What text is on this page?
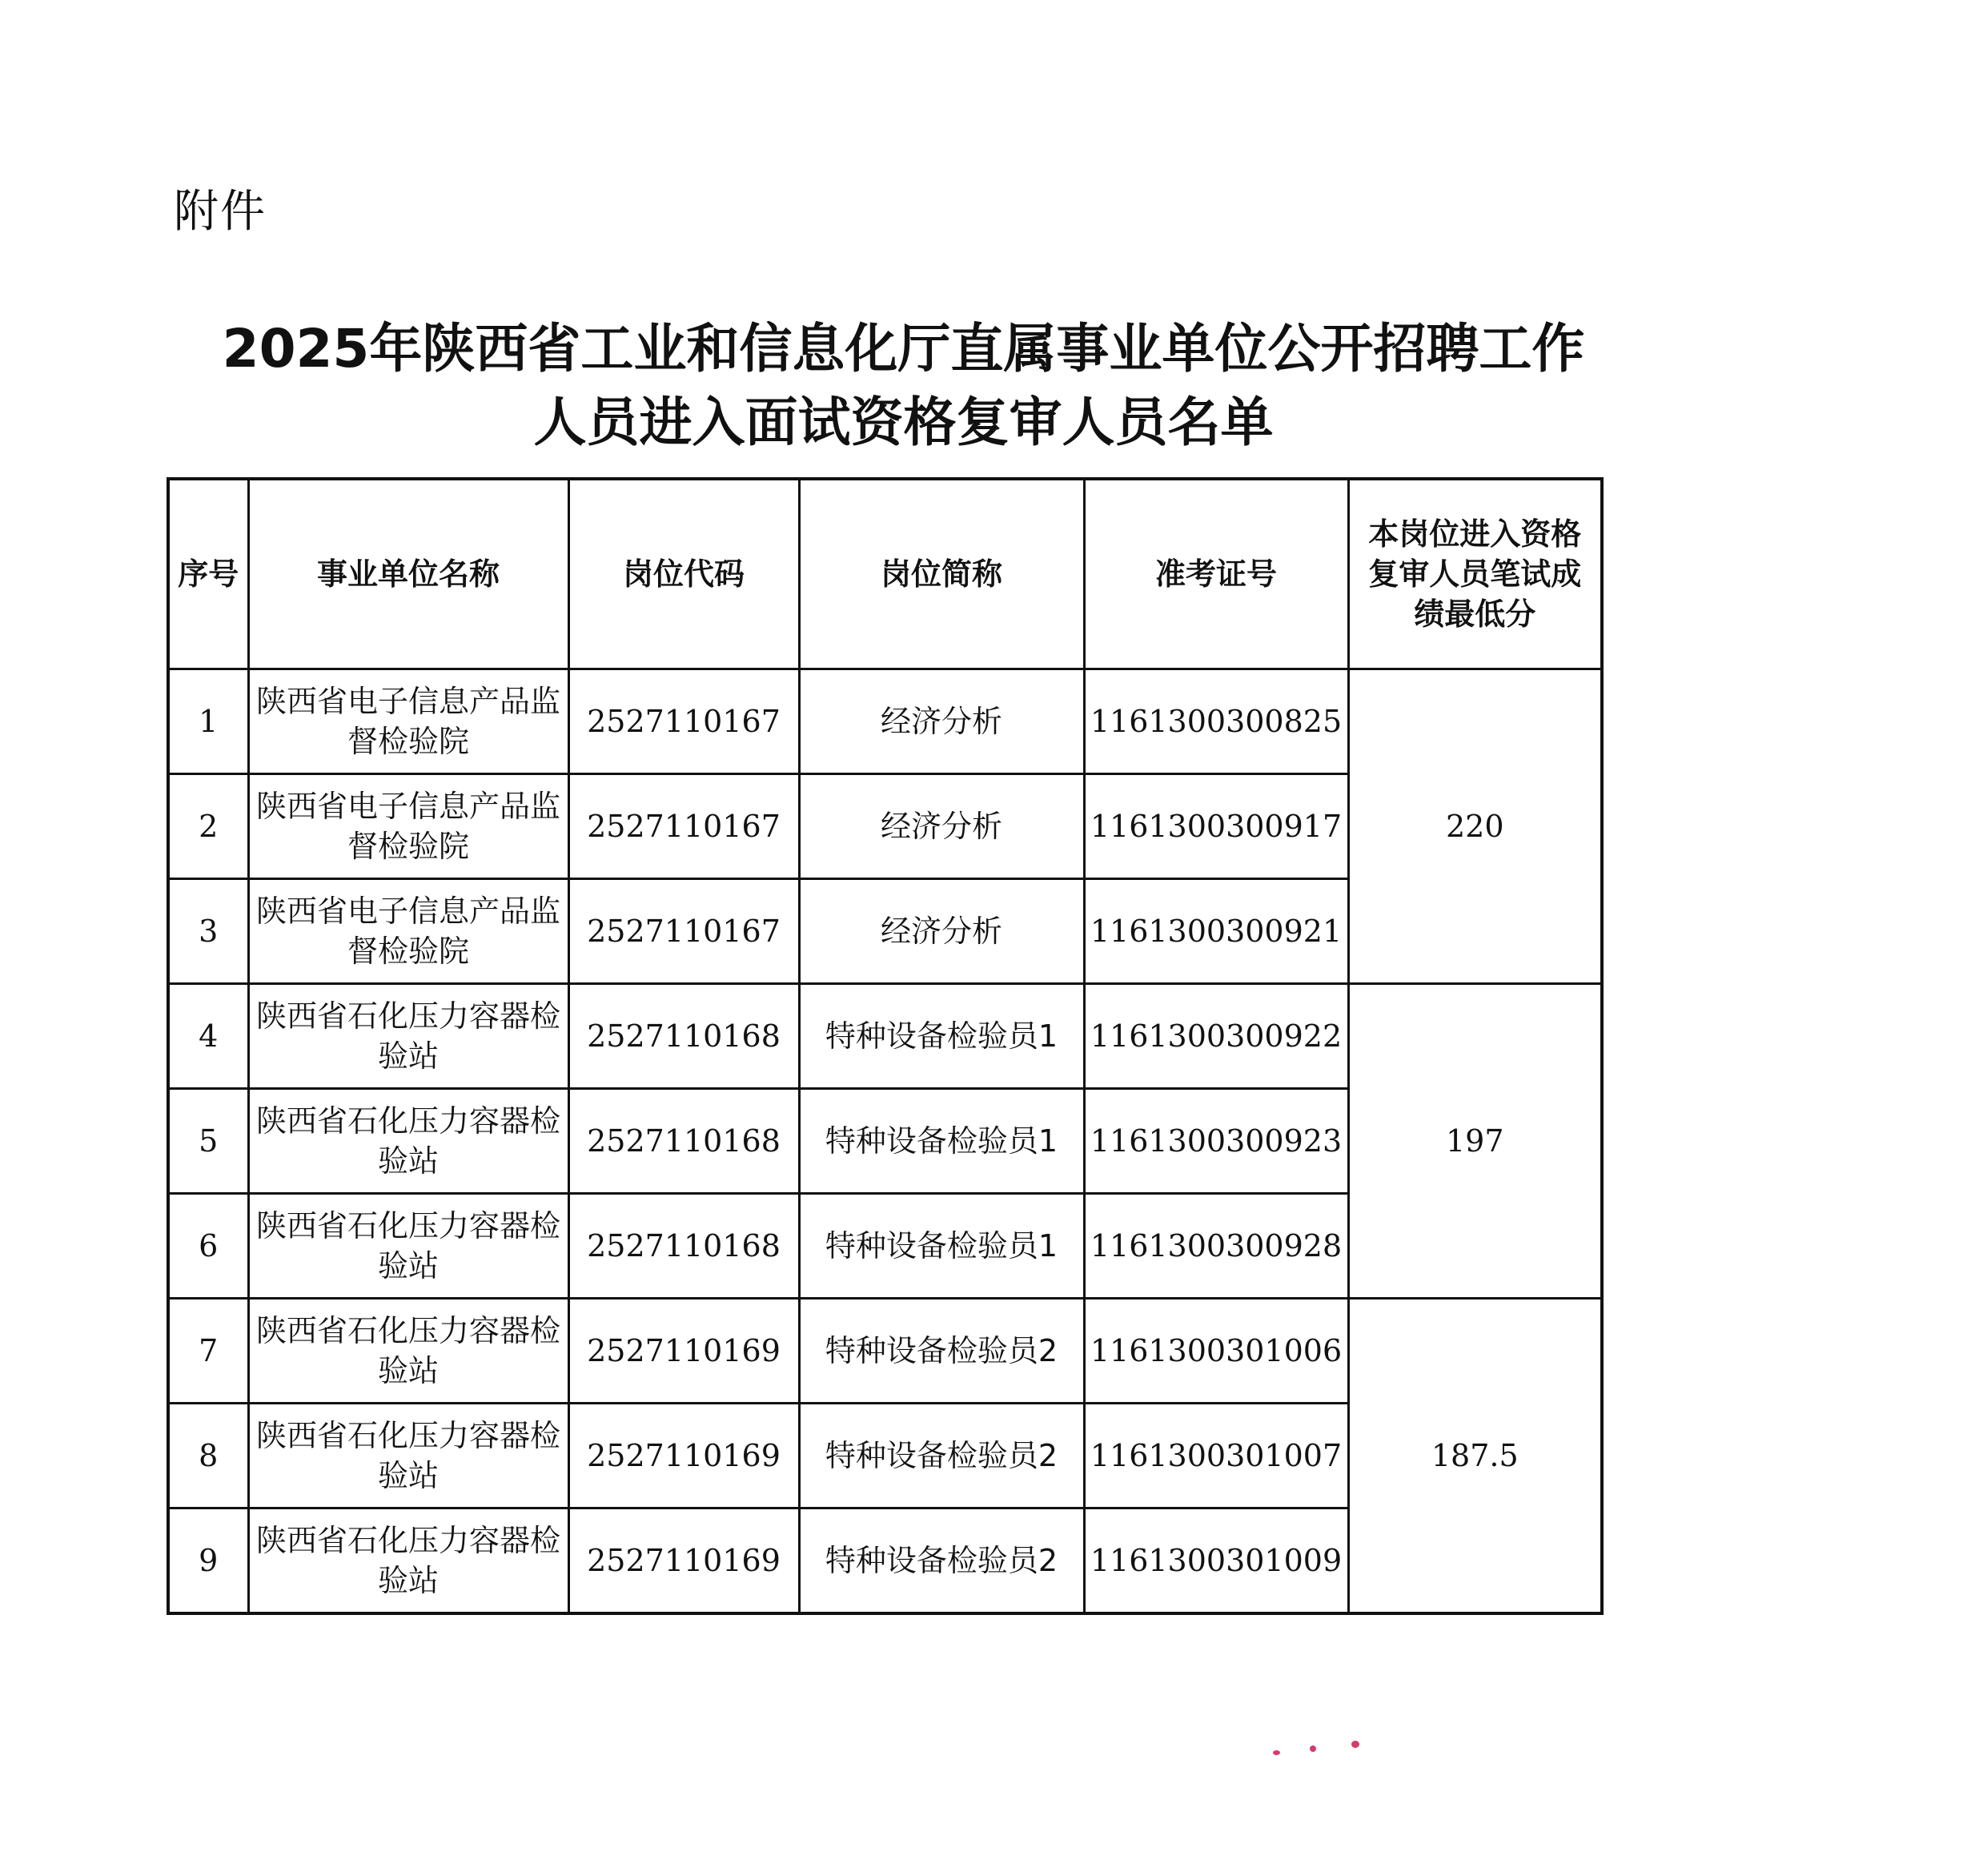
附件
2025年陕西省工业和信息化厅直属事业单位公开招聘工作
人员进入面试资格复审人员名单
序号	事业单位名称	岗位代码	岗位简称	准考证号	本岗位进入资格复审人员笔试成绩最低分
1	陕西省电子信息产品监督检验院	2527110167	经济分析	1161300300825	220
2	陕西省电子信息产品监督检验院	2527110167	经济分析	1161300300917	
3	陕西省电子信息产品监督检验院	2527110167	经济分析	1161300300921	
4	陕西省石化压力容器检验站	2527110168	特种设备检验员1	1161300300922	197
5	陕西省石化压力容器检验站	2527110168	特种设备检验员1	1161300300923	
6	陕西省石化压力容器检验站	2527110168	特种设备检验员1	1161300300928	
7	陕西省石化压力容器检验站	2527110169	特种设备检验员2	1161300301006	187.5
8	陕西省石化压力容器检验站	2527110169	特种设备检验员2	1161300301007	
9	陕西省石化压力容器检验站	2527110169	特种设备检验员2	1161300301009	
